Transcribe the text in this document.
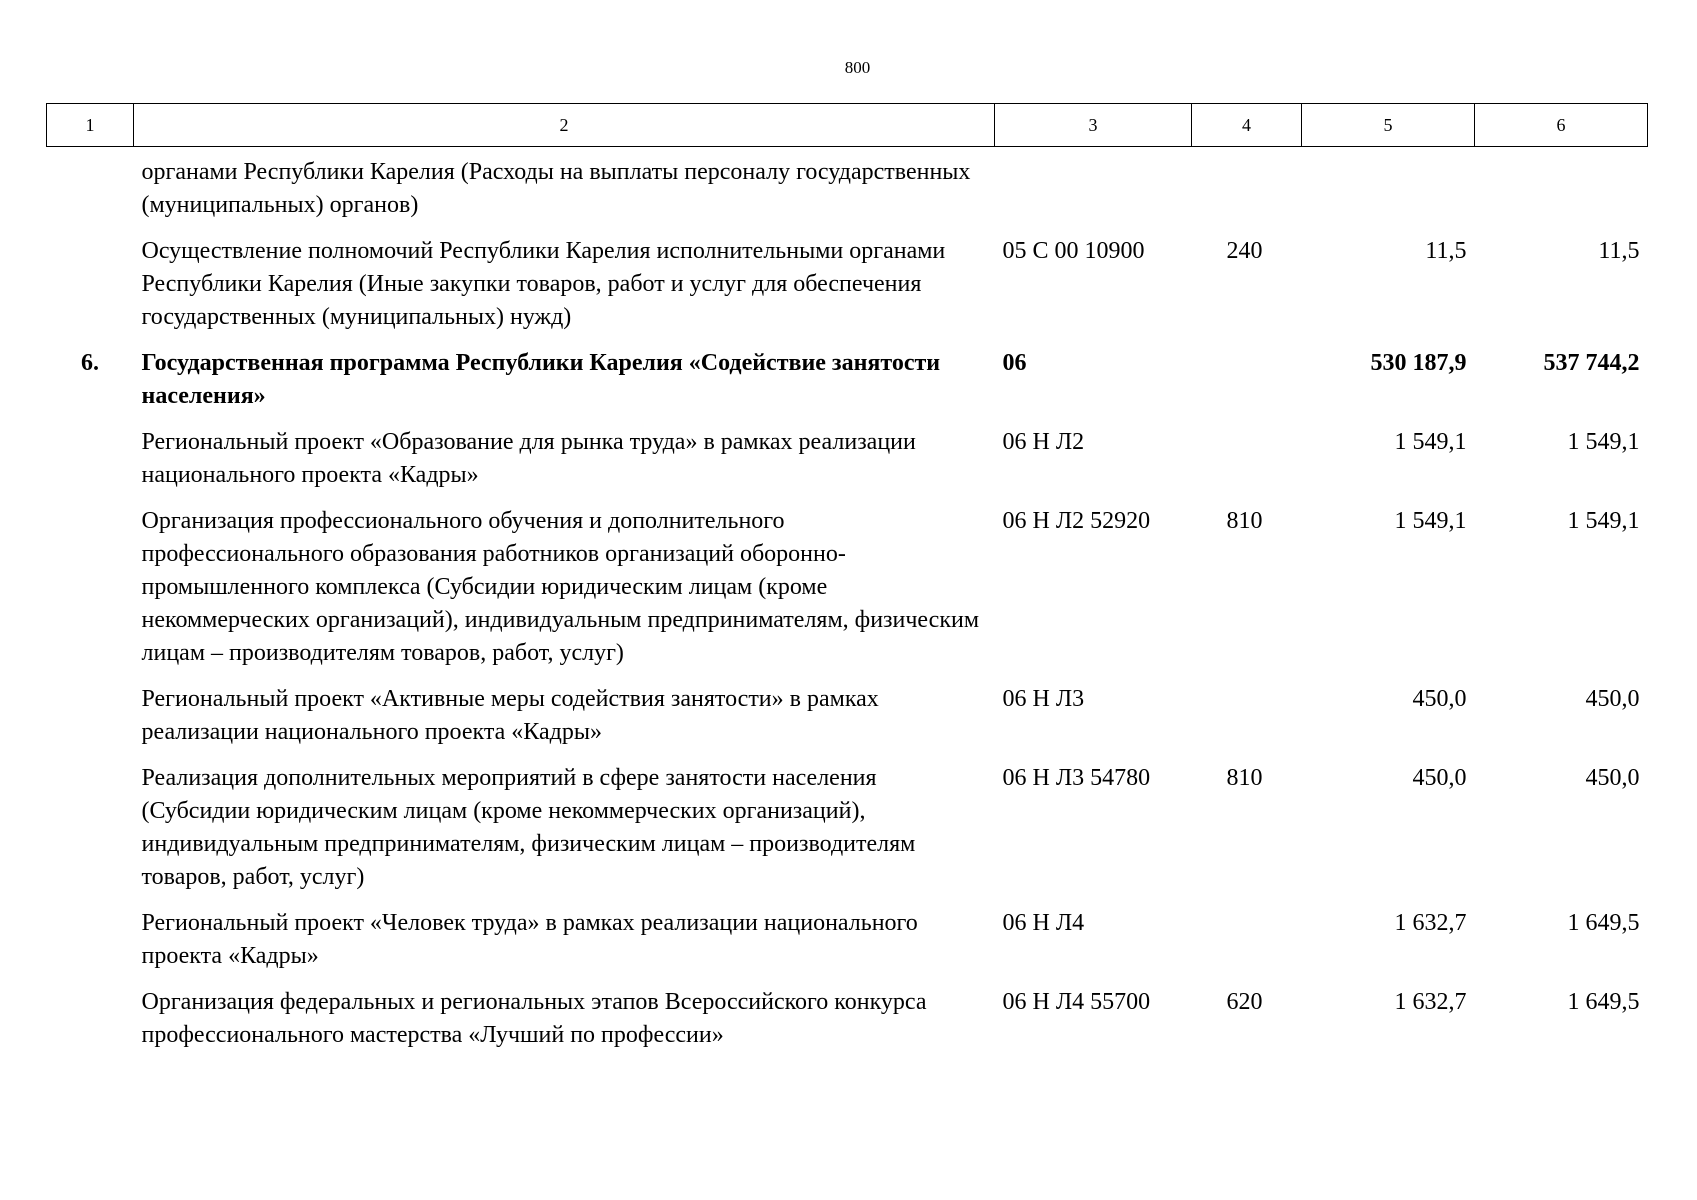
800
1	2	3	4	5	6
	органами Республики Карелия (Расходы на выплаты персоналу государственных (муниципальных) органов)				
	Осуществление полномочий Республики Карелия исполнительными органами Республики Карелия (Иные закупки товаров, работ и услуг для обеспечения государственных (муниципальных) нужд)	05 С 00 10900	240	11,5	11,5
6.	Государственная программа Республики Карелия «Содействие занятости населения»	06		530 187,9	537 744,2
	Региональный проект «Образование для рынка труда» в рамках реализации национального проекта «Кадры»	06 Н Л2		1 549,1	1 549,1
	Организация профессионального обучения и дополнительного профессионального образования работников организаций оборонно-промышленного комплекса (Субсидии юридическим лицам (кроме некоммерческих организаций), индивидуальным предпринимателям, физическим лицам – производителям товаров, работ, услуг)	06 Н Л2 52920	810	1 549,1	1 549,1
	Региональный проект «Активные меры содействия занятости» в рамках реализации национального проекта «Кадры»	06 Н Л3		450,0	450,0
	Реализация дополнительных мероприятий в сфере занятости населения (Субсидии юридическим лицам (кроме некоммерческих организаций), индивидуальным предпринимателям, физическим лицам – производителям товаров, работ, услуг)	06 Н Л3 54780	810	450,0	450,0
	Региональный проект «Человек труда» в рамках реализации национального проекта «Кадры»	06 Н Л4		1 632,7	1 649,5
	Организация федеральных и региональных этапов Всероссийского конкурса профессионального мастерства «Лучший по профессии»	06 Н Л4 55700	620	1 632,7	1 649,5
